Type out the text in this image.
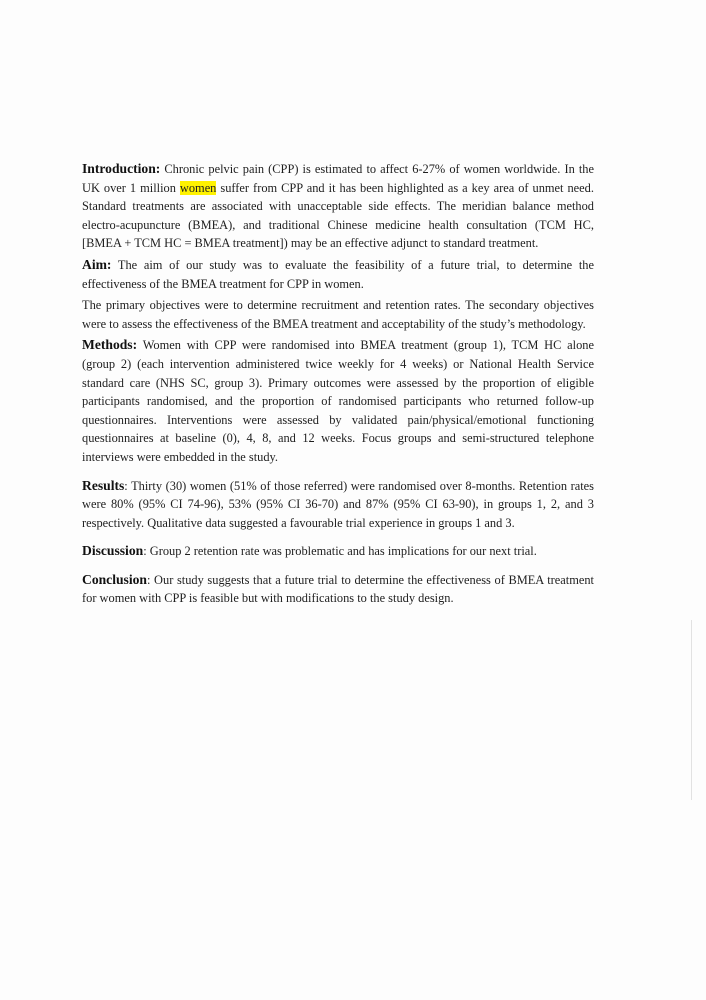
Introduction: Chronic pelvic pain (CPP) is estimated to affect 6-27% of women worldwide. In the UK over 1 million women suffer from CPP and it has been highlighted as a key area of unmet need. Standard treatments are associated with unacceptable side effects. The meridian balance method electro-acupuncture (BMEA), and traditional Chinese medicine health consultation (TCM HC, [BMEA + TCM HC = BMEA treatment]) may be an effective adjunct to standard treatment.

Aim: The aim of our study was to evaluate the feasibility of a future trial, to determine the effectiveness of the BMEA treatment for CPP in women.

The primary objectives were to determine recruitment and retention rates. The secondary objectives were to assess the effectiveness of the BMEA treatment and acceptability of the study’s methodology.

Methods: Women with CPP were randomised into BMEA treatment (group 1), TCM HC alone (group 2) (each intervention administered twice weekly for 4 weeks) or National Health Service standard care (NHS SC, group 3). Primary outcomes were assessed by the proportion of eligible participants randomised, and the proportion of randomised participants who returned follow-up questionnaires. Interventions were assessed by validated pain/physical/emotional functioning questionnaires at baseline (0), 4, 8, and 12 weeks. Focus groups and semi-structured telephone interviews were embedded in the study.

Results: Thirty (30) women (51% of those referred) were randomised over 8-months. Retention rates were 80% (95% CI 74-96), 53% (95% CI 36-70) and 87% (95% CI 63-90), in groups 1, 2, and 3 respectively. Qualitative data suggested a favourable trial experience in groups 1 and 3.

Discussion: Group 2 retention rate was problematic and has implications for our next trial.

Conclusion: Our study suggests that a future trial to determine the effectiveness of BMEA treatment for women with CPP is feasible but with modifications to the study design.
